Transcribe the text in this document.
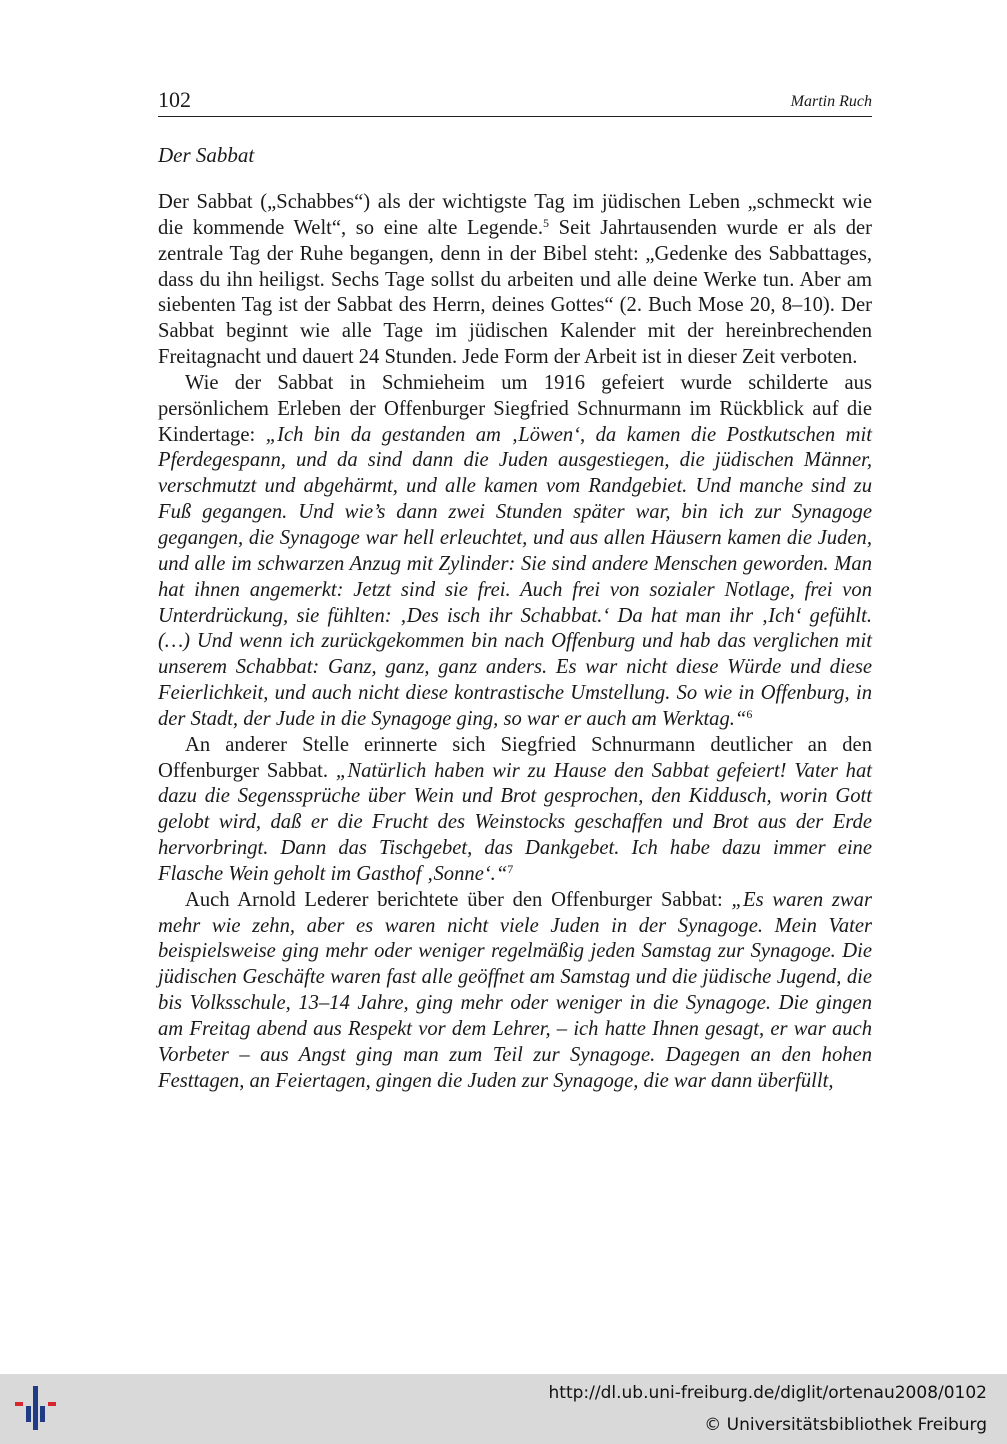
102	Martin Ruch
Der Sabbat

Der Sabbat („Schabbes“) als der wichtigste Tag im jüdischen Leben „schmeckt wie die kommende Welt“, so eine alte Legende.$^5$ Seit Jahrtausenden wurde er als der zentrale Tag der Ruhe begangen, denn in der Bibel steht: „Gedenke des Sabbattages, dass du ihn heiligst. Sechs Tage sollst du arbeiten und alle deine Werke tun. Aber am siebenten Tag ist der Sabbat des Herrn, deines Gottes“ (2. Buch Mose 20, 8–10). Der Sabbat beginnt wie alle Tage im jüdischen Kalender mit der hereinbrechenden Freitagnacht und dauert 24 Stunden. Jede Form der Arbeit ist in dieser Zeit verboten.

Wie der Sabbat in Schmieheim um 1916 gefeiert wurde schilderte aus persönlichem Erleben der Offenburger Siegfried Schnurmann im Rückblick auf die Kindertage: „Ich bin da gestanden am ‚Löwen‘, da kamen die Postkutschen mit Pferdegespann, und da sind dann die Juden ausgestiegen, die jüdischen Männer, verschmutzt und abgehärmt, und alle kamen vom Randgebiet. Und manche sind zu Fuß gegangen. Und wie’s dann zwei Stunden später war, bin ich zur Synagoge gegangen, die Synagoge war hell erleuchtet, und aus allen Häusern kamen die Juden, und alle im schwarzen Anzug mit Zylinder: Sie sind andere Menschen geworden. Man hat ihnen angemerkt: Jetzt sind sie frei. Auch frei von sozialer Notlage, frei von Unterdrückung, sie fühlten: ‚Des isch ihr Schabbat.‘ Da hat man ihr ‚Ich‘ gefühlt. (…) Und wenn ich zurückgekommen bin nach Offenburg und hab das verglichen mit unserem Schabbat: Ganz, ganz, ganz anders. Es war nicht diese Würde und diese Feierlichkeit, und auch nicht diese kontrastische Umstellung. So wie in Offenburg, in der Stadt, der Jude in die Synagoge ging, so war er auch am Werktag.“$^6$

An anderer Stelle erinnerte sich Siegfried Schnurmann deutlicher an den Offenburger Sabbat. „Natürlich haben wir zu Hause den Sabbat gefeiert! Vater hat dazu die Segenssprüche über Wein und Brot gesprochen, den Kiddusch, worin Gott gelobt wird, daß er die Frucht des Weinstocks geschaffen und Brot aus der Erde hervorbringt. Dann das Tischgebet, das Dankgebet. Ich habe dazu immer eine Flasche Wein geholt im Gasthof ‚Sonne‘.“$^7$

Auch Arnold Lederer berichtete über den Offenburger Sabbat: „Es waren zwar mehr wie zehn, aber es waren nicht viele Juden in der Synagoge. Mein Vater beispielsweise ging mehr oder weniger regelmäßig jeden Samstag zur Synagoge. Die jüdischen Geschäfte waren fast alle geöffnet am Samstag und die jüdische Jugend, die bis Volksschule, 13–14 Jahre, ging mehr oder weniger in die Synagoge. Die gingen am Freitag abend aus Respekt vor dem Lehrer, – ich hatte Ihnen gesagt, er war auch Vorbeter – aus Angst ging man zum Teil zur Synagoge. Dagegen an den hohen Festtagen, an Feiertagen, gingen die Juden zur Synagoge, die war dann überfüllt,

http://dl.ub.uni-freiburg.de/diglit/ortenau2008/0102
© Universitätsbibliothek Freiburg
